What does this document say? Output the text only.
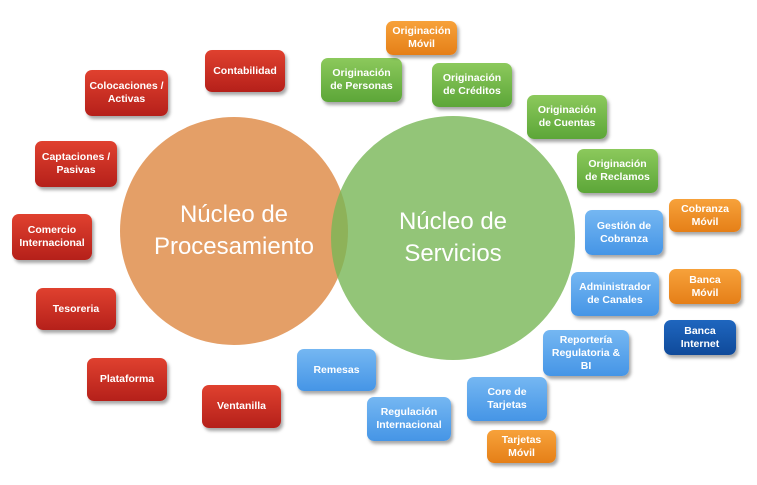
Núcleo de
Procesamiento
Núcleo de
Servicios
Contabilidad
Colocaciones /
Activas
Captaciones /
Pasivas
Comercio
Internacional
Tesoreria
Plataforma
Ventanilla
Remesas
Regulación
Internacional
Core de
Tarjetas
Reportería
Regulatoria &
BI
Administrador
de Canales
Gestión de
Cobranza
Originación
de Reclamos
Originación
de Cuentas
Originación
de Créditos
Originación
de Personas
Originación
Móvil
Cobranza
Móvil
Banca
Móvil
Tarjetas
Móvil
Banca
Internet
